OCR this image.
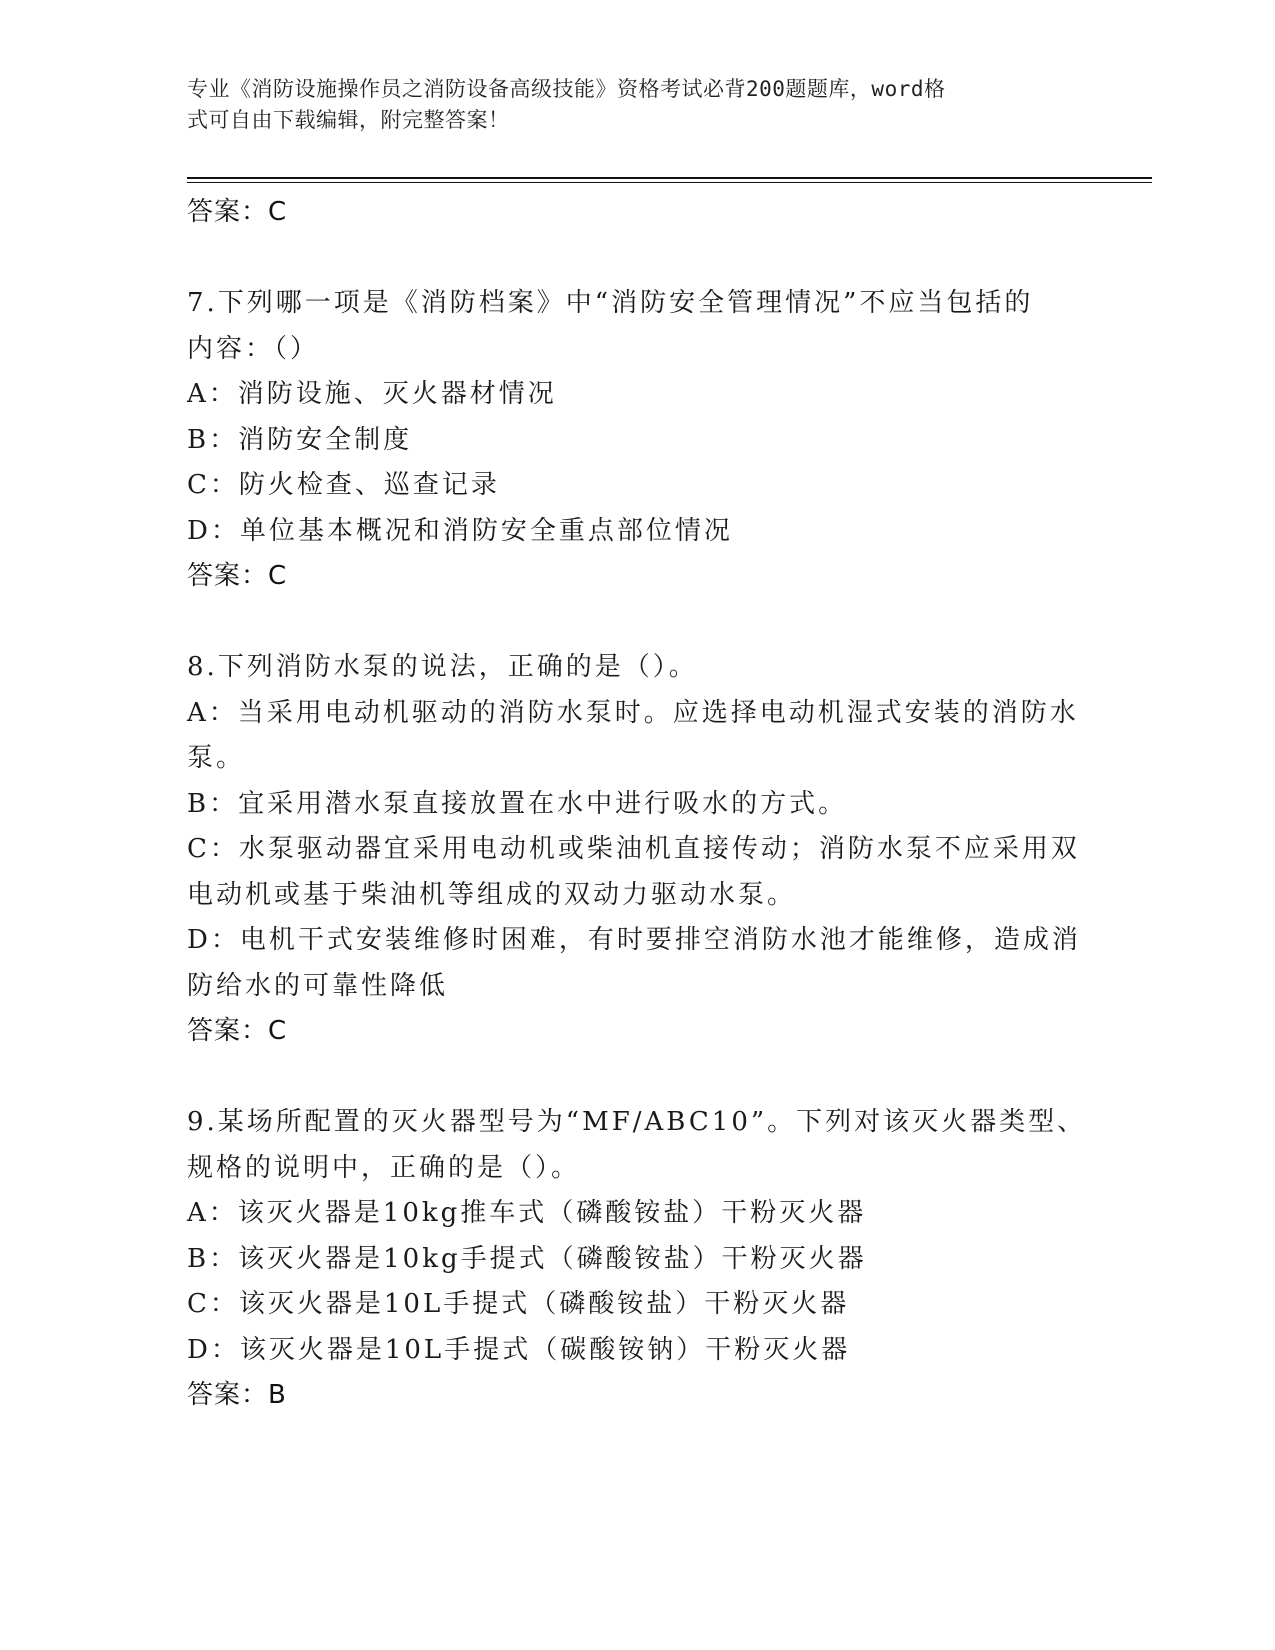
专业《消防设施操作员之消防设备高级技能》资格考试必背200题题库，word格
式可自由下载编辑，附完整答案！
答案：C
7.下列哪一项是《消防档案》中“消防安全管理情况”不应当包括的
内容：（）
A：消防设施、灭火器材情况
B：消防安全制度
C：防火检查、巡查记录
D：单位基本概况和消防安全重点部位情况
答案：C
8.下列消防水泵的说法，正确的是（）。
A：当采用电动机驱动的消防水泵时。应选择电动机湿式安装的消防水
泵。
B：宜采用潜水泵直接放置在水中进行吸水的方式。
C：水泵驱动器宜采用电动机或柴油机直接传动；消防水泵不应采用双
电动机或基于柴油机等组成的双动力驱动水泵。
D：电机干式安装维修时困难，有时要排空消防水池才能维修，造成消
防给水的可靠性降低
答案：C
9.某场所配置的灭火器型号为“MF/ABC10”。下列对该灭火器类型、
规格的说明中，正确的是（）。
A：该灭火器是10kg推车式（磷酸铵盐）干粉灭火器
B：该灭火器是10kg手提式（磷酸铵盐）干粉灭火器
C：该灭火器是10L手提式（磷酸铵盐）干粉灭火器
D：该灭火器是10L手提式（碳酸铵钠）干粉灭火器
答案：B
